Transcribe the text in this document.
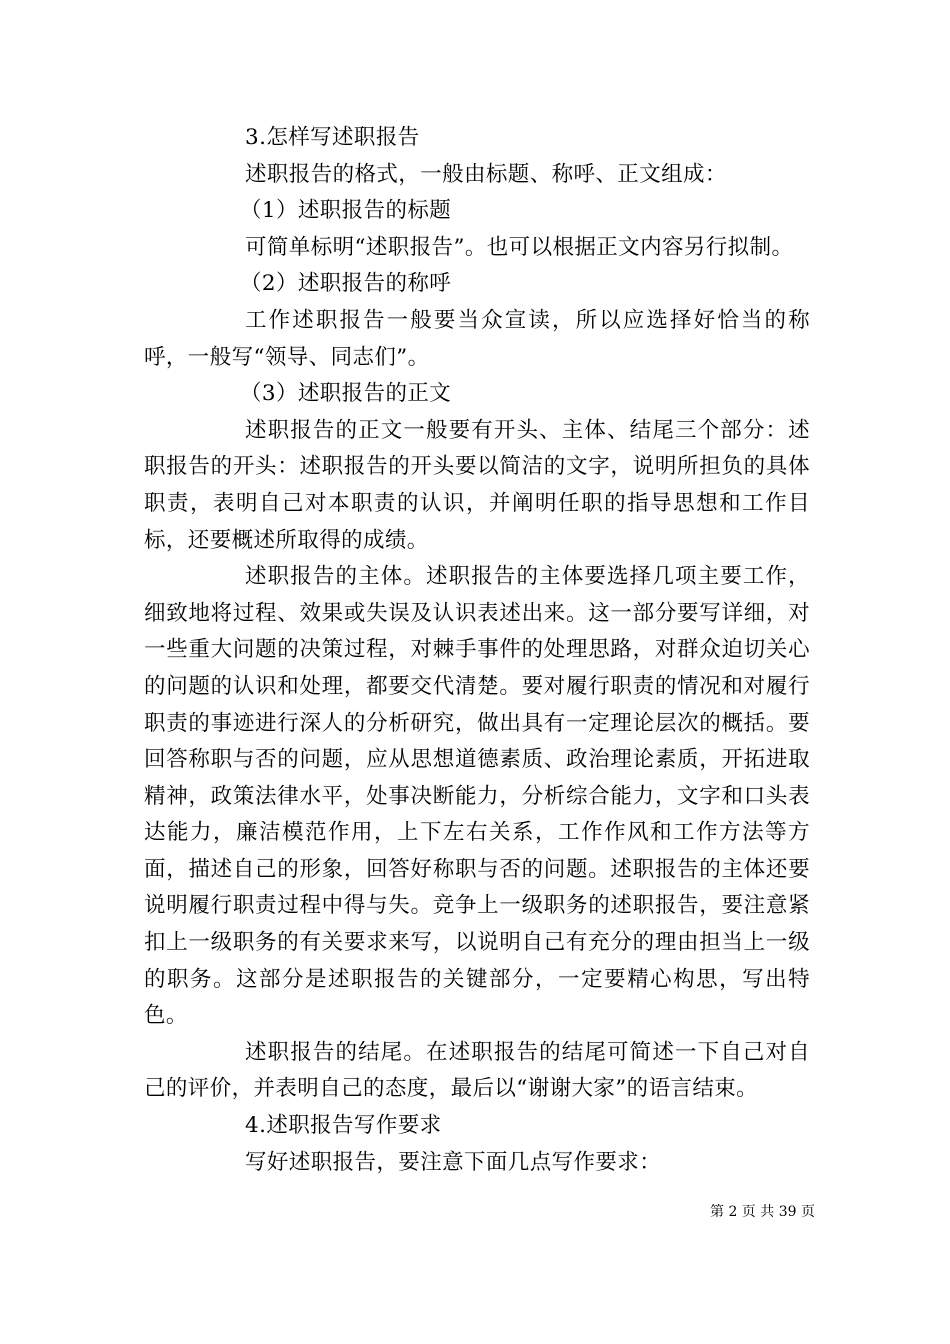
3.怎样写述职报告

述职报告的格式，一般由标题、称呼、正文组成：

（1）述职报告的标题

可简单标明“述职报告”。也可以根据正文内容另行拟制。

（2）述职报告的称呼

工作述职报告一般要当众宣读，所以应选择好恰当的称呼，一般写“领导、同志们”。

（3）述职报告的正文

述职报告的正文一般要有开头、主体、结尾三个部分：述职报告的开头：述职报告的开头要以简洁的文字，说明所担负的具体职责，表明自己对本职责的认识，并阐明任职的指导思想和工作目标，还要概述所取得的成绩。

述职报告的主体。述职报告的主体要选择几项主要工作，细致地将过程、效果或失误及认识表述出来。这一部分要写详细，对一些重大问题的决策过程，对棘手事件的处理思路，对群众迫切关心的问题的认识和处理，都要交代清楚。要对履行职责的情况和对履行职责的事迹进行深人的分析研究，做出具有一定理论层次的概括。要回答称职与否的问题，应从思想道德素质、政治理论素质，开拓进取精神，政策法律水平，处事决断能力，分析综合能力，文字和口头表达能力，廉洁模范作用，上下左右关系，工作作风和工作方法等方面，描述自己的形象，回答好称职与否的问题。述职报告的主体还要说明履行职责过程中得与失。竞争上一级职务的述职报告，要注意紧扣上一级职务的有关要求来写，以说明自己有充分的理由担当上一级的职务。这部分是述职报告的关键部分，一定要精心构思，写出特色。

述职报告的结尾。在述职报告的结尾可简述一下自己对自己的评价，并表明自己的态度，最后以“谢谢大家”的语言结束。

4.述职报告写作要求

写好述职报告，要注意下面几点写作要求：

第 2 页 共 39 页
